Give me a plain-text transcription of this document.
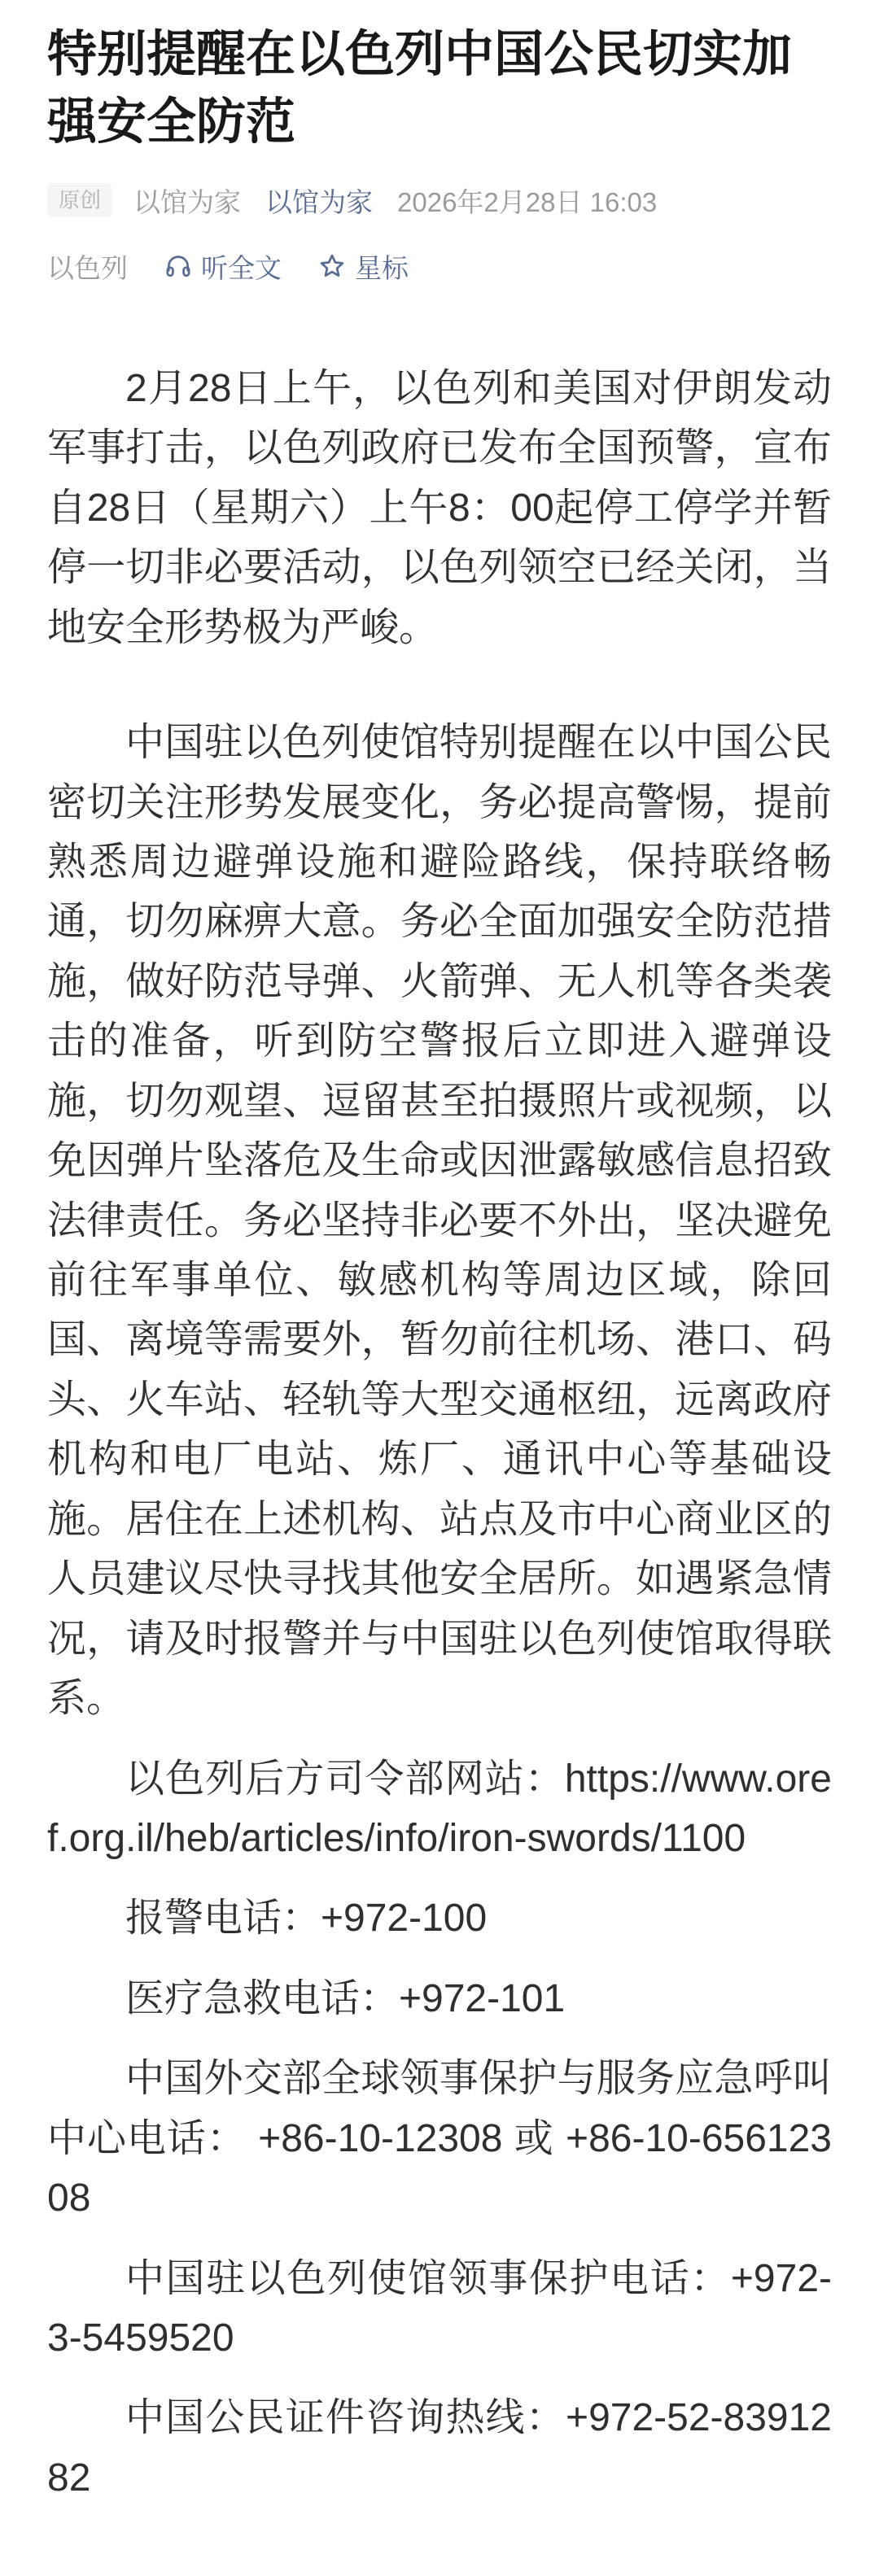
特别提醒在以色列中国公民切实加强安全防范
原创	以馆为家 以馆为家 2026年2月28日 16:03
以色列	听全文	星标

2月28日上午，以色列和美国对伊朗发动军事打击，以色列政府已发布全国预警，宣布自28日（星期六）上午8：00起停工停学并暂停一切非必要活动，以色列领空已经关闭，当地安全形势极为严峻。

中国驻以色列使馆特别提醒在以中国公民密切关注形势发展变化，务必提高警惕，提前熟悉周边避弹设施和避险路线，保持联络畅通，切勿麻痹大意。务必全面加强安全防范措施，做好防范导弹、火箭弹、无人机等各类袭击的准备，听到防空警报后立即进入避弹设施，切勿观望、逗留甚至拍摄照片或视频，以免因弹片坠落危及生命或因泄露敏感信息招致法律责任。务必坚持非必要不外出，坚决避免前往军事单位、敏感机构等周边区域，除回国、离境等需要外，暂勿前往机场、港口、码头、火车站、轻轨等大型交通枢纽，远离政府机构和电厂电站、炼厂、通讯中心等基础设施。居住在上述机构、站点及市中心商业区的人员建议尽快寻找其他安全居所。如遇紧急情况，请及时报警并与中国驻以色列使馆取得联系。

以色列后方司令部网站：https://www.oref.org.il/heb/articles/info/iron-swords/1100

报警电话：+972-100

医疗急救电话：+972-101

中国外交部全球领事保护与服务应急呼叫中心电话： +86-10-12308 或 +86-10-65612308

中国驻以色列使馆领事保护电话：+972-3-5459520

中国公民证件咨询热线：+972-52-8391282
